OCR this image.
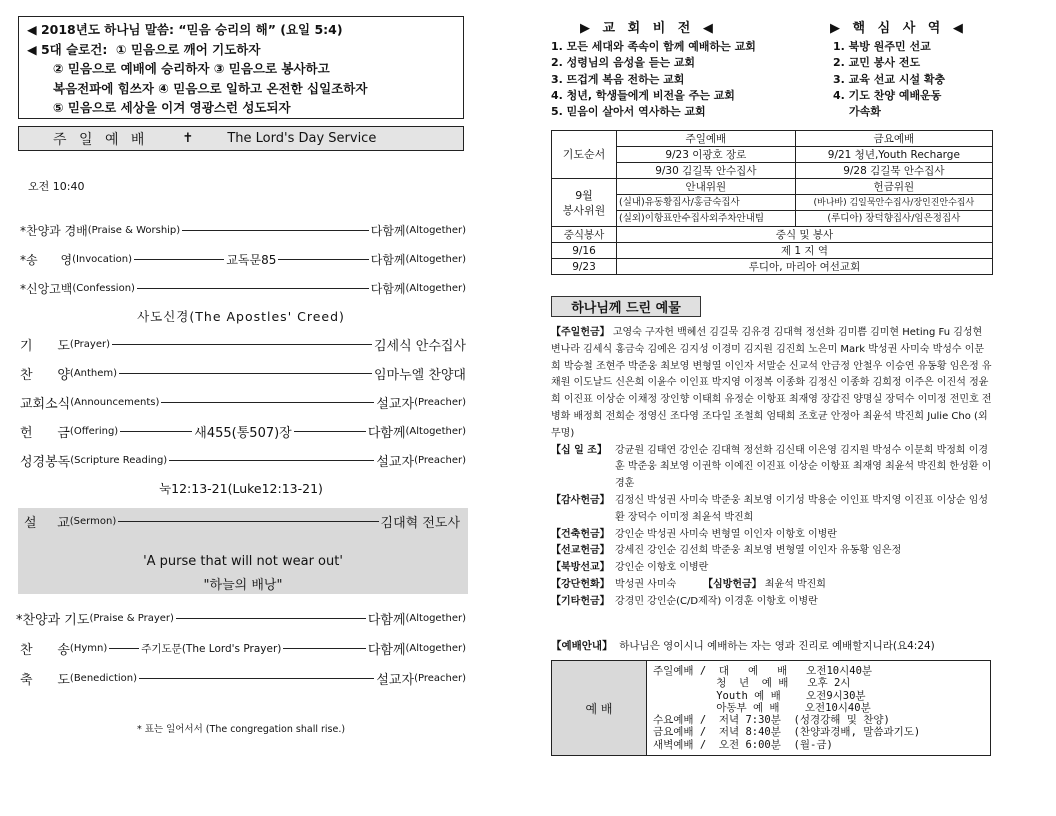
◀ 2018년도 하나님 말씀: “믿음 승리의 해” (요일 5:4)
◀ 5대 슬로건: ① 믿음으로 깨어 기도하자
② 믿음으로 예배에 승리하자 ③ 믿음으로 봉사하고
복음전파에 힘쓰자 ④ 믿음으로 일하고 온전한 십일조하자
⑤ 믿음으로 세상을 이겨 영광스런 성도되자
주 일 예 배	✝	The Lord's Day Service
오전 10:40
*찬양과 경배 (Praise & Worship)	다함께 (Altogether)
*송      영 (Invocation)	교독문85	다함께 (Altogether)
*신앙고백 (Confession)	다함께 (Altogether)
사도신경(The Apostles' Creed)
기      도 (Prayer)	김세식 안수집사
찬      양 (Anthem)	임마누엘 찬양대
교회소식 (Announcements)	설교자 (Preacher)
헌      금 (Offering)	새455(통507)장	다함께 (Altogether)
성경봉독 (Scripture Reading)	설교자 (Preacher)
눅12:13-21(Luke12:13-21)
설     교 (Sermon)	김대혁 전도사
'A purse that will not wear out'
"하늘의 배낭"
*찬양과 기도 (Praise & Prayer)	다함께 (Altogether)
찬      송 (Hymn)	주기도문(The Lord's Prayer)	다함께 (Altogether)
축      도 (Benediction)	설교자 (Preacher)
* 표는 일어서서 (The congregation shall rise.)
▶ 교 회 비 전 ◀
1. 모든 세대와 족속이 함께 예배하는 교회
2. 성령님의 음성을 듣는 교회
3. 뜨겁게 복음 전하는 교회
4. 청년, 학생들에게 비전을 주는 교회
5. 믿음이 살아서 역사하는 교회
▶ 핵 심 사 역 ◀
1. 북방 원주민 선교
2. 교민 봉사 전도
3. 교육 선교 시설 확충
4. 기도 찬양 예배운동
가속화
기도순서	주일예배	금요예배
	9/23 이광호 장로	9/21 청년,Youth Recharge
	9/30 김길묵 안수집사	9/28 김길묵 안수집사
9월
봉사위원	안내위원	헌금위원
	(실내)유동황집사/홍금숙집사	(바나바) 김일묵안수집사/장인진안수집사
	(실외)이항표안수집사외주차안내팀	(루디아) 장덕향집사/임은정집사
중식봉사	중식 및 봉사	
9/16	제 1 지 역	
9/23	루디아, 마리아 여선교회	
하나님께 드린 예물
【주일헌금】 고영숙 구자헌 백혜선 김길묵 김유경 김대혁 정선화 김미쁨 김미현 Heting Fu 김성현 변나라 김세식 홍금숙 김예은 김지성 이경미 김지원 김진희 노은미 Mark 박성권 사미숙 박성수 이문희 박승철 조현주 박준웅 최보영 변형열 이인자 서말순 신교석 안금정 안철우 이승연 유동황 임은정 유채원 이도날드 신은희 이윤수 이인표 박지영 이정복 이종화 김정신 이종화 김희정 이주은 이진석 정윤희 이진표 이상순 이채정 장인향 이태희 유정순 이항표 최재영 장갑진 양명실 장덕수 이미정 전민호 전병화 배정희 전희순 정영신 조다영 조다일 조철희 엄태희 조호균 안정아 최윤석 박진희 Julie Cho (외 무명)
【십 일 조】 강균원 김태연 강인순 김대혁 정선화 김신태 이은영 김지원 박성수 이문희 박정희 이경훈 박준웅 최보영 이권학 이예진 이진표 이상순 이항표 최재영 최윤석 박진희 한성환 이경훈
【감사헌금】 김정신 박성권 사미숙 박준웅 최보영 이기성 박용순 이인표 박지영 이진표 이상순 임성환 장덕수 이미정 최윤석 박진희
【건축헌금】 강인순 박성권 사미숙 변형열 이인자 이항호 이병란
【선교헌금】 강세진 강인순 김선희 박준웅 최보영 변형열 이인자 유동황 임은정
【북방선교】 강인순 이항호 이병란
【강단헌화】 박성권 사미숙	【심방헌금】
최윤석 박진희
【기타헌금】 강경민 강인순(C/D제작) 이경훈 이항호 이병란
【예배안내】 하나님은 영이시니 예배하는 자는 영과 진리로 예배할지니라(요4:24)
예 배	
주일예배 /  대   예   배   오전10시40분
청  년  예 배   오후 2시
Youth 예 배    오전9시30분
아동부 예 배    오전10시40분
수요예배 /  저녁 7:30분  (성경강해 및 찬양)
금요예배 /  저녁 8:40분  (찬양과경배, 말씀과기도)
새벽예배 /  오전 6:00분  (월-금)
